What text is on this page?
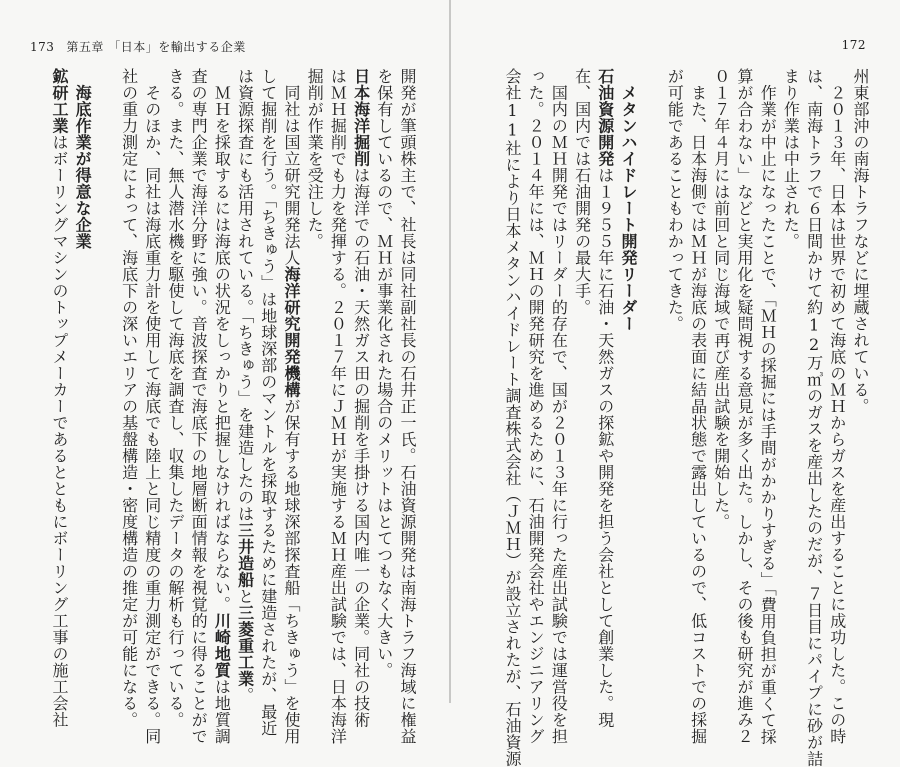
173 第五章 「日本」を輸出する企業
開発が筆頭株主で、社長は同社副社長の石井正一氏。石油資源開発は南海トラフ海域に権益
を保有しているので、ＭＨが事業化された場合のメリットはとてつもなく大きい。
日本海洋掘削は海洋での石油・天然ガス田の掘削を手掛ける国内唯一の企業。同社の技術
はＭＨ掘削でも力を発揮する。２０１７年にＪＭＨが実施するＭＨ産出試験では、日本海洋
掘削が作業を受注した。
　同社は国立研究開発法人海洋研究開発機構が保有する地球深部探査船「ちきゅう」を使用
して掘削を行う。「ちきゅう」は地球深部のマントルを採取するために建造されたが、最近
は資源探査にも活用されている。「ちきゅう」を建造したのは三井造船と三菱重工業。
　ＭＨを採取するには海底の状況をしっかりと把握しなければならない。川崎地質は地質調
査の専門企業で海洋分野に強い。音波探査で海底下の地層断面情報を視覚的に得ることがで
きる。また、無人潜水機を駆使して海底を調査し、収集したデータの解析も行っている。
　そのほか、同社は海底重力計を使用して海底でも陸上と同じ精度の重力測定ができる。同
社の重力測定によって、海底下の深いエリアの基盤構造・密度構造の推定が可能になる。

海底作業が得意な企業
鉱研工業はボーリングマシンのトップメーカーであるとともにボーリング工事の施工会社
172
州東部沖の南海トラフなどに埋蔵されている。
　２０１３年、日本は世界で初めて海底のＭＨからガスを産出することに成功した。この時
は、南海トラフで６日間かけて約12万㎥のガスを産出したのだが、７日目にパイプに砂が詰
まり作業は中止された。
　作業が中止になったことで、「ＭＨの採掘には手間がかかりすぎる」「費用負担が重くて採
算が合わない」などと実用化を疑問視する意見が多く出た。しかし、その後も研究が進み２
０１７年４月には前回と同じ海域で再び産出試験を開始した。
　また、日本海側ではＭＨが海底の表面に結晶状態で露出しているので、低コストでの採掘
が可能であることもわかってきた。

メタンハイドレート開発リーダー
石油資源開発は１９５５年に石油・天然ガスの探鉱や開発を担う会社として創業した。現
在、国内では石油開発の最大手。
　国内のＭＨ開発ではリーダー的存在で、国が２０１３年に行った産出試験では運営役を担
った。２０１４年には、ＭＨの開発研究を進めるために、石油開発会社やエンジニアリング
会社11社により日本メタンハイドレート調査株式会社（ＪＭＨ）が設立されたが、石油資源
